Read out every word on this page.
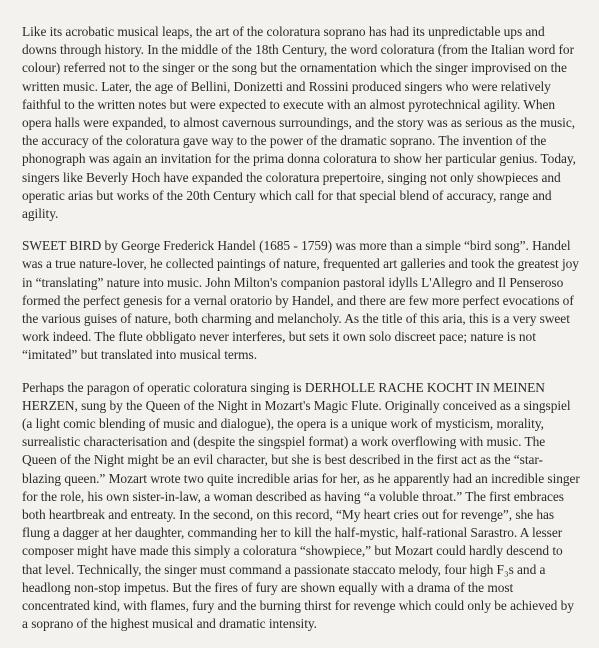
Like its acrobatic musical leaps, the art of the coloratura soprano has had its unpredictable ups and downs through history. In the middle of the 18th Century, the word coloratura (from the Italian word for colour) referred not to the singer or the song but the ornamentation which the singer improvised on the written music. Later, the age of Bellini, Donizetti and Rossini produced singers who were relatively faithful to the written notes but were expected to execute with an almost pyrotechnical agility. When opera halls were expanded, to almost cavernous surroundings, and the story was as serious as the music, the accuracy of the coloratura gave way to the power of the dramatic soprano. The invention of the phonograph was again an invitation for the prima donna coloratura to show her particular genius. Today, singers like Beverly Hoch have expanded the coloratura prepertoire, singing not only showpieces and operatic arias but works of the 20th Century which call for that special blend of accuracy, range and agility.

SWEET BIRD by George Frederick Handel (1685 - 1759) was more than a simple “bird song”. Handel was a true nature-lover, he collected paintings of nature, frequented art galleries and took the greatest joy in “translating” nature into music. John Milton's companion pastoral idylls L'Allegro and Il Penseroso formed the perfect genesis for a vernal oratorio by Handel, and there are few more perfect evocations of the various guises of nature, both charming and melancholy. As the title of this aria, this is a very sweet work indeed. The flute obbligato never interferes, but sets it own solo discreet pace; nature is not “imitated” but translated into musical terms.

Perhaps the paragon of operatic coloratura singing is DERHOLLE RACHE KOCHT IN MEINEN HERZEN, sung by the Queen of the Night in Mozart's Magic Flute. Originally conceived as a singspiel (a light comic blending of music and dialogue), the opera is a unique work of mysticism, morality, surrealistic characterisation and (despite the singspiel format) a work overflowing with music. The Queen of the Night might be an evil character, but she is best described in the first act as the “star-blazing queen.” Mozart wrote two quite incredible arias for her, as he apparently had an incredible singer for the role, his own sister-in-law, a woman described as having “a voluble throat.” The first embraces both heartbreak and entreaty. In the second, on this record, “My heart cries out for revenge”, she has flung a dagger at her daughter, commanding her to kill the half-mystic, half-rational Sarastro. A lesser composer might have made this simply a coloratura “showpiece,” but Mozart could hardly descend to that level. Technically, the singer must command a passionate staccato melody, four high F₃s and a headlong non-stop impetus. But the fires of fury are shown equally with a drama of the most concentrated kind, with flames, fury and the burning thirst for revenge which could only be achieved by a soprano of the highest musical and dramatic intensity.
